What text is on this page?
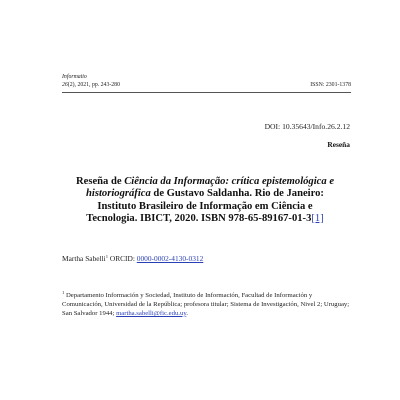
Informatio
26(2), 2021, pp. 243-280	ISSN: 2301-1378
DOI: 10.35643/Info.26.2.12
Reseña
Reseña de Ciência da Informação: crítica epistemológica e historiográfica de Gustavo Saldanha. Rio de Janeiro: Instituto Brasileiro de Informação em Ciência e Tecnologia. IBICT, 2020. ISBN 978-65-89167-01-3[1]
Martha Sabelli$^1$ ORCID: 0000-0002-4130-0312
$^1$ Departamento Información y Sociedad, Instituto de Información, Facultad de Información y Comunicación, Universidad de la República; profesora titular; Sistema de Investigación, Nivel 2; Uruguay; San Salvador 1944; martha.sabelli@fic.edu.uy.
